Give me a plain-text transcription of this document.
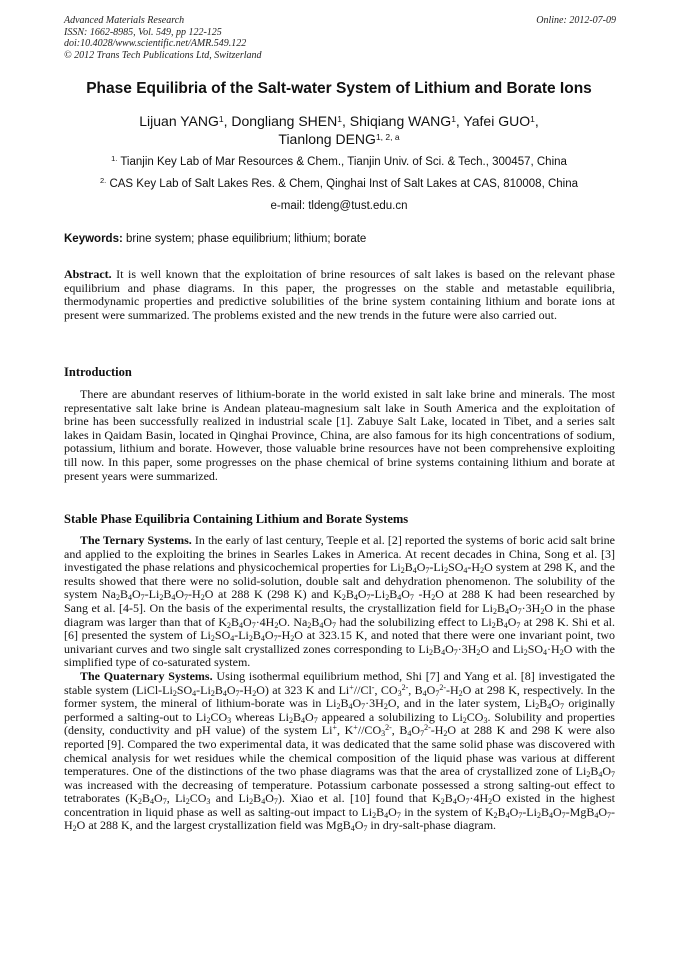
Advanced Materials Research
ISSN: 1662-8985, Vol. 549, pp 122-125
doi:10.4028/www.scientific.net/AMR.549.122
© 2012 Trans Tech Publications Ltd, Switzerland
Online: 2012-07-09
Phase Equilibria of the Salt-water System of Lithium and Borate Ions
Lijuan YANG$^1$, Dongliang SHEN$^1$, Shiqiang WANG$^1$, Yafei GUO$^1$,
Tianlong DENG$^{1, 2, a}$
$^{1.}$ Tianjin Key Lab of Mar Resources & Chem., Tianjin Univ. of Sci. & Tech., 300457, China
$^{2.}$ CAS Key Lab of Salt Lakes Res. & Chem, Qinghai Inst of Salt Lakes at CAS, 810008, China
e-mail: tldeng@tust.edu.cn
Keywords: brine system; phase equilibrium; lithium; borate

Abstract. It is well known that the exploitation of brine resources of salt lakes is based on the relevant phase equilibrium and phase diagrams. In this paper, the progresses on the stable and metastable equilibria, thermodynamic properties and predictive solubilities of the brine system containing lithium and borate ions at present were summarized. The problems existed and the new trends in the future were also carried out.

Introduction

There are abundant reserves of lithium-borate in the world existed in salt lake brine and minerals. The most representative salt lake brine is Andean plateau-magnesium salt lake in South America and the exploitation of brine has been successfully realized in industrial scale [1]. Zabuye Salt Lake, located in Tibet, and a series salt lakes in Qaidam Basin, located in Qinghai Province, China, are also famous for its high concentrations of sodium, potassium, lithium and borate. However, those valuable brine resources have not been comprehensive exploiting till now. In this paper, some progresses on the phase chemical of brine systems containing lithium and borate at present years were summarized.

Stable Phase Equilibria Containing Lithium and Borate Systems

The Ternary Systems. In the early of last century, Teeple et al. [2] reported the systems of boric acid salt brine and applied to the exploiting the brines in Searles Lakes in America. At recent decades in China, Song et al. [3] investigated the phase relations and physicochemical properties for $Li_2B_4O_7-Li_2SO_4-H_2O$ system at 298 K, and the results showed that there were no solid-solution, double salt and dehydration phenomenon. The solubility of the system $Na_2B_4O_7-Li_2B_4O_7-H_2O$ at 288 K (298 K) and $K_2B_4O_7-Li_2B_4O_7$ $-H_2O$ at 288 K had been researched by Sang et al. [4-5]. On the basis of the experimental results, the crystallization field for $Li_2B_4O_7\cdot 3H_2O$ in the phase diagram was larger than that of $K_2B_4O_7\cdot 4H_2O$. $Na_2B_4O_7$ had the solubilizing effect to $Li_2B_4O_7$ at 298 K. Shi et al. [6] presented the system of $Li_2SO_4-Li_2B_4O_7-H_2O$ at 323.15 K, and noted that there were one invariant point, two univariant curves and two single salt crystallized zones corresponding to $Li_2B_4O_7\cdot 3H_2O$ and $Li_2SO_4\cdot H_2O$ with the simplified type of co-saturated system.

The Quaternary Systems. Using isothermal equilibrium method, Shi [7] and Yang et al. [8] investigated the stable system $(LiCl-Li_2SO_4-Li_2B_4O_7-H_2O)$ at 323 K and Li+//Cl-, $CO_3^{2-}$, $B_4O_7^{2-}-H_2O$ at 298 K, respectively. In the former system, the mineral of lithium-borate was in $Li_2B_4O_7\cdot 3H_2O$, and in the later system, $Li_2B_4O_7$ originally performed a salting-out to $Li_2CO_3$ whereas $Li_2B_4O_7$ appeared a solubilizing to $Li_2CO_3$. Solubility and properties (density, conductivity and pH value) of the system Li+, $K^+//CO_3^{2-}$, $B_4O_7^{2-}-H_2O$ at 288 K and 298 K were also reported [9]. Compared the two experimental data, it was dedicated that the same solid phase was discovered with chemical analysis for wet residues while the chemical composition of the liquid phase was various at different temperatures. One of the distinctions of the two phase diagrams was that the area of crystallized zone of $Li_2B_4O_7$ was increased with the decreasing of temperature. Potassium carbonate possessed a strong salting-out effect to tetraborates ($K_2B_4O_7$, $Li_2CO_3$ and $Li_2B_4O_7$). Xiao et al. [10] found that $K_2B_4O_7\cdot 4H_2O$ existed in the highest concentration in liquid phase as well as salting-out impact to $Li_2B_4O_7$ in the system of $K_2B_4O_7-Li_2B_4O_7-MgB_4O_7-H_2O$ at 288 K, and the largest crystallization field was $MgB_4O_7$ in dry-salt-phase diagram.
